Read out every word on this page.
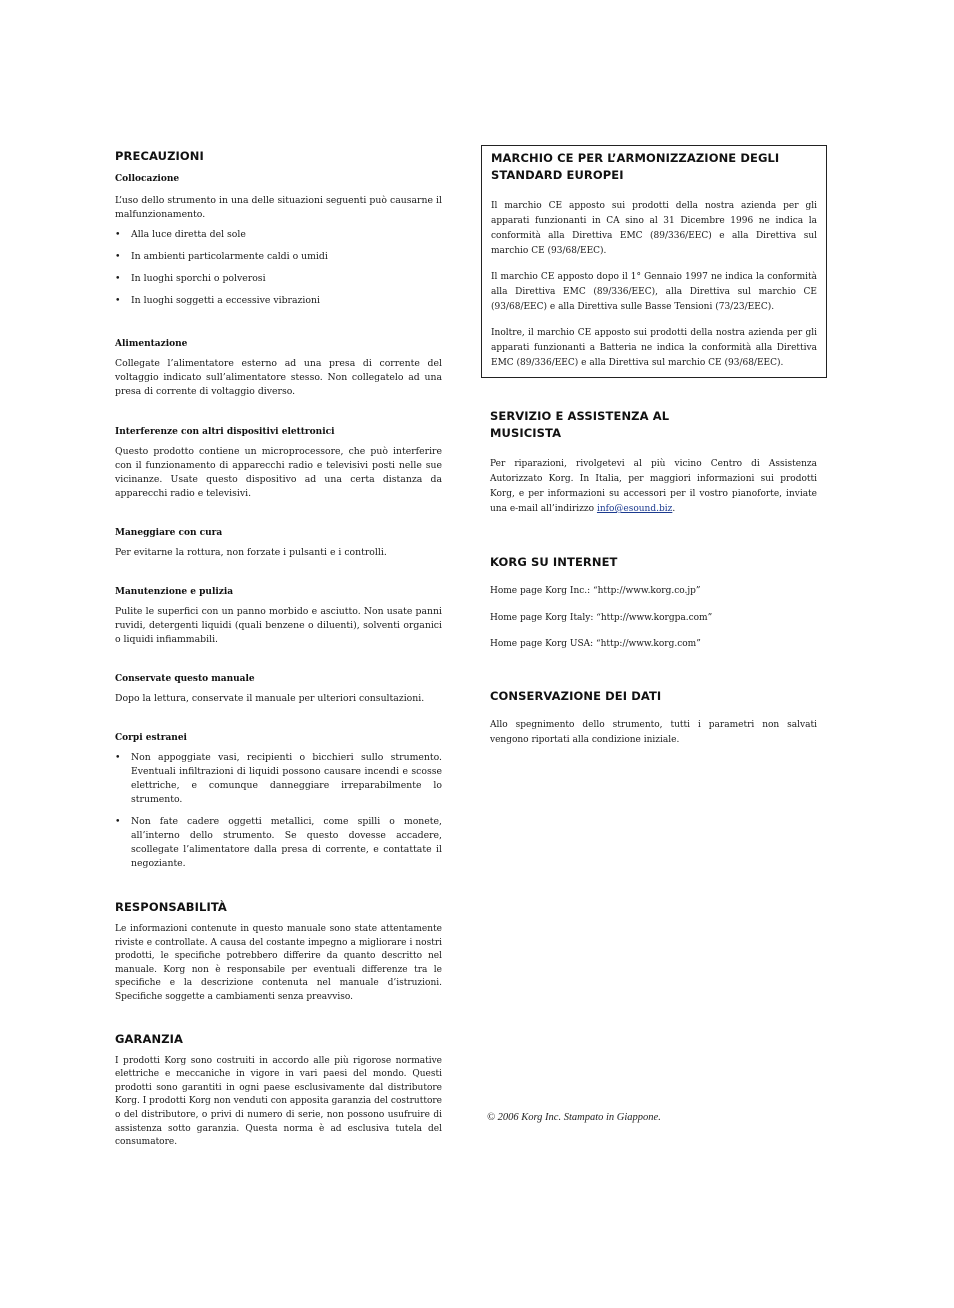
PRECAUZIONI
Collocazione

L’uso dello strumento in una delle situazioni seguenti può causarne il malfunzionamento.

• Alla luce diretta del sole
• In ambienti particolarmente caldi o umidi
• In luoghi sporchi o polverosi
• In luoghi soggetti a eccessive vibrazioni
Alimentazione

Collegate l’alimentatore esterno ad una presa di corrente del voltaggio indicato sull’alimentatore stesso. Non collegatelo ad una presa di corrente di voltaggio diverso.

Interferenze con altri dispositivi elettronici

Questo prodotto contiene un microprocessore, che può interferire con il funzionamento di apparecchi radio e televisivi posti nelle sue vicinanze. Usate questo dispositivo ad una certa distanza da apparecchi radio e televisivi.

Maneggiare con cura

Per evitarne la rottura, non forzate i pulsanti e i controlli.

Manutenzione e pulizia

Pulite le superfici con un panno morbido e asciutto. Non usate panni ruvidi, detergenti liquidi (quali benzene o diluenti), solventi organici o liquidi infiammabili.

Conservate questo manuale

Dopo la lettura, conservate il manuale per ulteriori consultazioni.

Corpi estranei
• Non appoggiate vasi, recipienti o bicchieri sullo strumento. Eventuali infiltrazioni di liquidi possono causare incendi e scosse elettriche, e comunque danneggiare irreparabilmente lo strumento.
• Non fate cadere oggetti metallici, come spilli o monete, all’interno dello strumento. Se questo dovesse accadere, scollegate l’alimentatore dalla presa di corrente, e contattate il negoziante.
RESPONSABILITÀ

Le informazioni contenute in questo manuale sono state attentamente riviste e controllate. A causa del costante impegno a migliorare i nostri prodotti, le specifiche potrebbero differire da quanto descritto nel manuale. Korg non è responsabile per eventuali differenze tra le specifiche e la descrizione contenuta nel manuale d’istruzioni. Specifiche soggette a cambiamenti senza preavviso.

GARANZIA

I prodotti Korg sono costruiti in accordo alle più rigorose normative elettriche e meccaniche in vigore in vari paesi del mondo. Questi prodotti sono garantiti in ogni paese esclusivamente dal distributore Korg. I prodotti Korg non venduti con apposita garanzia del costruttore o del distributore, o privi di numero di serie, non possono usufruire di assistenza sotto garanzia. Questa norma è ad esclusiva tutela del consumatore.

MARCHIO CE PER L’ARMONIZZAZIONE DEGLI STANDARD EUROPEI

Il marchio CE apposto sui prodotti della nostra azienda per gli apparati funzionanti in CA sino al 31 Dicembre 1996 ne indica la conformità alla Direttiva EMC (89/336/EEC) e alla Direttiva sul marchio CE (93/68/EEC).

Il marchio CE apposto dopo il 1° Gennaio 1997 ne indica la conformità alla Direttiva EMC (89/336/EEC), alla Direttiva sul marchio CE (93/68/EEC) e alla Direttiva sulle Basse Tensioni (73/23/EEC).

Inoltre, il marchio CE apposto sui prodotti della nostra azienda per gli apparati funzionanti a Batteria ne indica la conformità alla Direttiva EMC (89/336/EEC) e alla Direttiva sul marchio CE (93/68/EEC).

SERVIZIO E ASSISTENZA AL
MUSICISTA

Per riparazioni, rivolgetevi al più vicino Centro di Assistenza Autorizzato Korg. In Italia, per maggiori informazioni sui prodotti Korg, e per informazioni su accessori per il vostro pianoforte, inviate una e-mail all’indirizzo info@esound.biz.

KORG SU INTERNET

Home page Korg Inc.: “http://www.korg.co.jp”

Home page Korg Italy: “http://www.korgpa.com”

Home page Korg USA: “http://www.korg.com”

CONSERVAZIONE DEI DATI

Allo spegnimento dello strumento, tutti i parametri non salvati vengono riportati alla condizione iniziale.

© 2006 Korg Inc. Stampato in Giappone.
